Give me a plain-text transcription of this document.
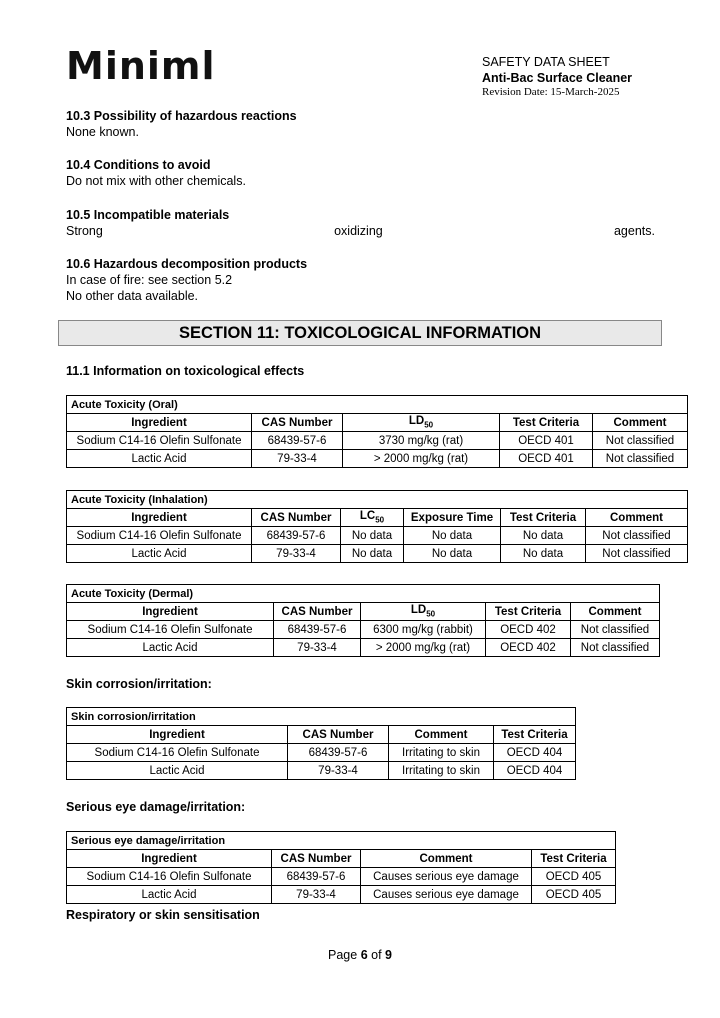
Miniml	SAFETY DATA SHEET
Anti-Bac Surface Cleaner
Revision Date: 15-March-2025
10.3 Possibility of hazardous reactions
None known.
10.4 Conditions to avoid
Do not mix with other chemicals.
10.5 Incompatible materials
Strong	oxidizing	agents.
10.6 Hazardous decomposition products
In case of fire: see section 5.2
No other data available.
SECTION 11: TOXICOLOGICAL INFORMATION
11.1 Information on toxicological effects
Acute Toxicity (Oral)				
Ingredient	CAS Number	$LD_{50}$	Test Criteria	Comment
Sodium C14-16 Olefin Sulfonate	68439-57-6	3730 mg/kg (rat)	OECD 401	Not classified
Lactic Acid	79-33-4	> 2000 mg/kg (rat)	OECD 401	Not classified
Acute Toxicity (Inhalation)					
Ingredient	CAS Number	$LC_{50}$	Exposure Time	Test Criteria	Comment
Sodium C14-16 Olefin Sulfonate	68439-57-6	No data	No data	No data	Not classified
Lactic Acid	79-33-4	No data	No data	No data	Not classified
Acute Toxicity (Dermal)				
Ingredient	CAS Number	$LD_{50}$	Test Criteria	Comment
Sodium C14-16 Olefin Sulfonate	68439-57-6	6300 mg/kg (rabbit)	OECD 402	Not classified
Lactic Acid	79-33-4	> 2000 mg/kg (rat)	OECD 402	Not classified
Skin corrosion/irritation:
Skin corrosion/irritation			
Ingredient	CAS Number	Comment	Test Criteria
Sodium C14-16 Olefin Sulfonate	68439-57-6	Irritating to skin	OECD 404
Lactic Acid	79-33-4	Irritating to skin	OECD 404
Serious eye damage/irritation:
Serious eye damage/irritation			
Ingredient	CAS Number	Comment	Test Criteria
Sodium C14-16 Olefin Sulfonate	68439-57-6	Causes serious eye damage	OECD 405
Lactic Acid	79-33-4	Causes serious eye damage	OECD 405
Respiratory or skin sensitisation
Page 6 of 9
